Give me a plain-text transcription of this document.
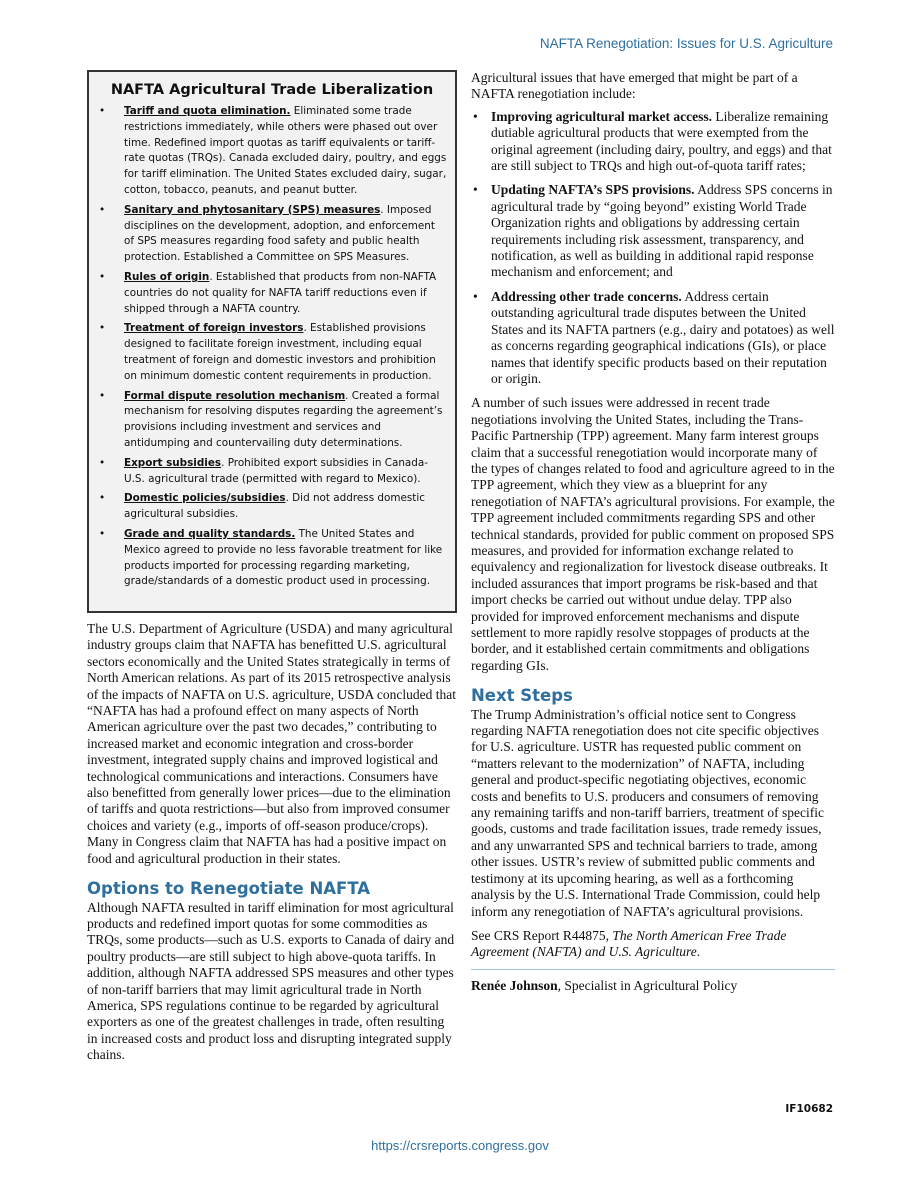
NAFTA Renegotiation: Issues for U.S. Agriculture
NAFTA Agricultural Trade Liberalization
•	Tariff and quota elimination. Eliminated some trade restrictions immediately, while others were phased out over time. Redefined import quotas as tariff equivalents or tariff-rate quotas (TRQs). Canada excluded dairy, poultry, and eggs for tariff elimination. The United States excluded dairy, sugar, cotton, tobacco, peanuts, and peanut butter.
•	Sanitary and phytosanitary (SPS) measures. Imposed disciplines on the development, adoption, and enforcement of SPS measures regarding food safety and public health protection. Established a Committee on SPS Measures.
•	Rules of origin. Established that products from non-NAFTA countries do not quality for NAFTA tariff reductions even if shipped through a NAFTA country.
•	Treatment of foreign investors. Established provisions designed to facilitate foreign investment, including equal treatment of foreign and domestic investors and prohibition on minimum domestic content requirements in production.
•	Formal dispute resolution mechanism. Created a formal mechanism for resolving disputes regarding the agreement’s provisions including investment and services and antidumping and countervailing duty determinations.
•	Export subsidies. Prohibited export subsidies in Canada-U.S. agricultural trade (permitted with regard to Mexico).
•	Domestic policies/subsidies. Did not address domestic agricultural subsidies.
•	Grade and quality standards. The United States and Mexico agreed to provide no less favorable treatment for like products imported for processing regarding marketing, grade/standards of a domestic product used in processing.

The U.S. Department of Agriculture (USDA) and many agricultural industry groups claim that NAFTA has benefitted U.S. agricultural sectors economically and the United States strategically in terms of North American relations. As part of its 2015 retrospective analysis of the impacts of NAFTA on U.S. agriculture, USDA concluded that “NAFTA has had a profound effect on many aspects of North American agriculture over the past two decades,” contributing to increased market and economic integration and cross-border investment, integrated supply chains and improved logistical and technological communications and interactions. Consumers have also benefitted from generally lower prices—due to the elimination of tariffs and quota restrictions—but also from improved consumer choices and variety (e.g., imports of off-season produce/crops). Many in Congress claim that NAFTA has had a positive impact on food and agricultural production in their states.

Options to Renegotiate NAFTA

Although NAFTA resulted in tariff elimination for most agricultural products and redefined import quotas for some commodities as TRQs, some products—such as U.S. exports to Canada of dairy and poultry products—are still subject to high above-quota tariffs. In addition, although NAFTA addressed SPS measures and other types of non-tariff barriers that may limit agricultural trade in North America, SPS regulations continue to be regarded by agricultural exporters as one of the greatest challenges in trade, often resulting in increased costs and product loss and disrupting integrated supply chains.

Agricultural issues that have emerged that might be part of a NAFTA renegotiation include:

• Improving agricultural market access. Liberalize remaining dutiable agricultural products that were exempted from the original agreement (including dairy, poultry, and eggs) and that are still subject to TRQs and high out-of-quota tariff rates;
• Updating NAFTA’s SPS provisions. Address SPS concerns in agricultural trade by “going beyond” existing World Trade Organization rights and obligations by addressing certain requirements including risk assessment, transparency, and notification, as well as building in additional rapid response mechanism and enforcement; and
• Addressing other trade concerns. Address certain outstanding agricultural trade disputes between the United States and its NAFTA partners (e.g., dairy and potatoes) as well as concerns regarding geographical indications (GIs), or place names that identify specific products based on their reputation or origin.

A number of such issues were addressed in recent trade negotiations involving the United States, including the Trans-Pacific Partnership (TPP) agreement. Many farm interest groups claim that a successful renegotiation would incorporate many of the types of changes related to food and agriculture agreed to in the TPP agreement, which they view as a blueprint for any renegotiation of NAFTA’s agricultural provisions. For example, the TPP agreement included commitments regarding SPS and other technical standards, provided for public comment on proposed SPS measures, and provided for information exchange related to equivalency and regionalization for livestock disease outbreaks. It included assurances that import programs be risk-based and that import checks be carried out without undue delay. TPP also provided for improved enforcement mechanisms and dispute settlement to more rapidly resolve stoppages of products at the border, and it established certain commitments and obligations regarding GIs.

Next Steps

The Trump Administration’s official notice sent to Congress regarding NAFTA renegotiation does not cite specific objectives for U.S. agriculture. USTR has requested public comment on “matters relevant to the modernization” of NAFTA, including general and product-specific negotiating objectives, economic costs and benefits to U.S. producers and consumers of removing any remaining tariffs and non-tariff barriers, treatment of specific goods, customs and trade facilitation issues, trade remedy issues, and any unwarranted SPS and technical barriers to trade, among other issues. USTR’s review of submitted public comments and testimony at its upcoming hearing, as well as a forthcoming analysis by the U.S. International Trade Commission, could help inform any renegotiation of NAFTA’s agricultural provisions.

See CRS Report R44875, The North American Free Trade Agreement (NAFTA) and U.S. Agriculture.

Renée Johnson, Specialist in Agricultural Policy
IF10682
https://crsreports.congress.gov
